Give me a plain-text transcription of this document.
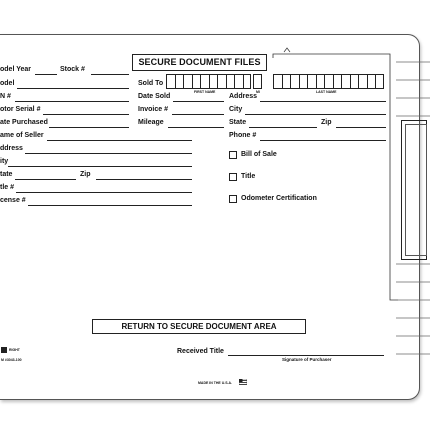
SECURE DOCUMENT FILES
odel Year	Stock #
odel
N #
otor Serial #
ate Purchased
ame of Seller
ddress
ity
tate	Zip
tle #
cense #
Sold To
FIRST NAME	MI	LAST NAME
Date Sold
Invoice #
Mileage
Address
City
State	Zip
Phone #
Bill of Sale
Title
Odometer Certification
RETURN TO SECURE DOCUMENT AREA
RIGHT
M #3043-100
Received Title
Signature of Purchaser
MADE IN THE U.S.A.
